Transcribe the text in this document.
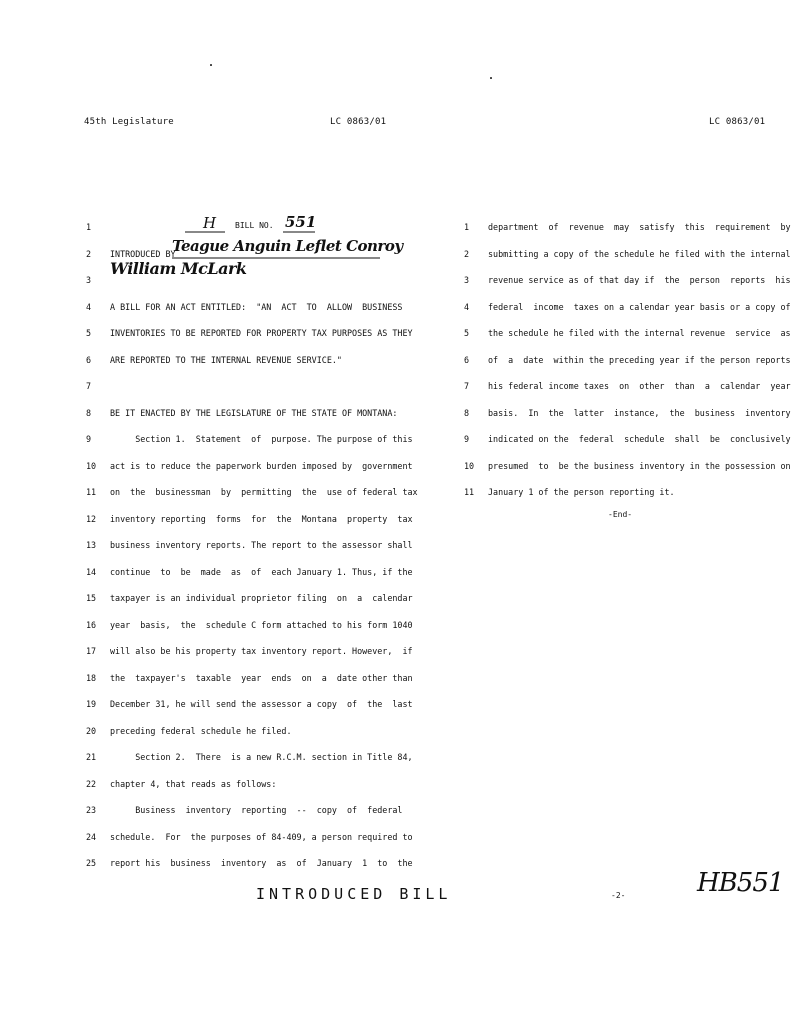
45th Legislature	LC 0863/01	LC 0863/01
H BILL NO. 551
INTRODUCED BY
Teague Anguin Leflet Conroy
William McLark
1
2
3
4 A BILL FOR AN ACT ENTITLED:  "AN  ACT  TO  ALLOW  BUSINESS
5 INVENTORIES TO BE REPORTED FOR PROPERTY TAX PURPOSES AS THEY
6 ARE REPORTED TO THE INTERNAL REVENUE SERVICE."
7
8 BE IT ENACTED BY THE LEGISLATURE OF THE STATE OF MONTANA:
9 Section 1.  Statement  of  purpose. The purpose of this
10 act is to reduce the paperwork burden imposed by  government
11 on  the  businessman  by  permitting  the  use of federal tax
12 inventory reporting  forms  for  the  Montana  property  tax
13 business inventory reports. The report to the assessor shall
14 continue  to  be  made  as  of  each January 1. Thus, if the
15 taxpayer is an individual proprietor filing  on  a  calendar
16 year  basis,  the  schedule C form attached to his form 1040
17 will also be his property tax inventory report. However,  if
18 the  taxpayer's  taxable  year  ends  on  a  date other than
19 December 31, he will send the assessor a copy  of  the  last
20 preceding federal schedule he filed.
21 Section 2.  There  is a new R.C.M. section in Title 84,
22 chapter 4, that reads as follows:
23 Business  inventory  reporting  --  copy  of  federal
24 schedule.  For  the purposes of 84-409, a person required to
25 report his  business  inventory  as  of  January  1  to  the
1 department  of  revenue  may  satisfy  this  requirement  by
2 submitting a copy of the schedule he filed with the internal
3 revenue service as of that day if  the  person  reports  his
4 federal  income  taxes on a calendar year basis or a copy of
5 the schedule he filed with the internal revenue  service  as
6 of  a  date  within the preceding year if the person reports
7 his federal income taxes  on  other  than  a  calendar  year
8 basis.  In  the  latter  instance,  the  business  inventory
9 indicated on the  federal  schedule  shall  be  conclusively
10 presumed  to  be the business inventory in the possession on
11 January 1 of the person reporting it.
-End-
INTRODUCED BILL	-2-	HB551
